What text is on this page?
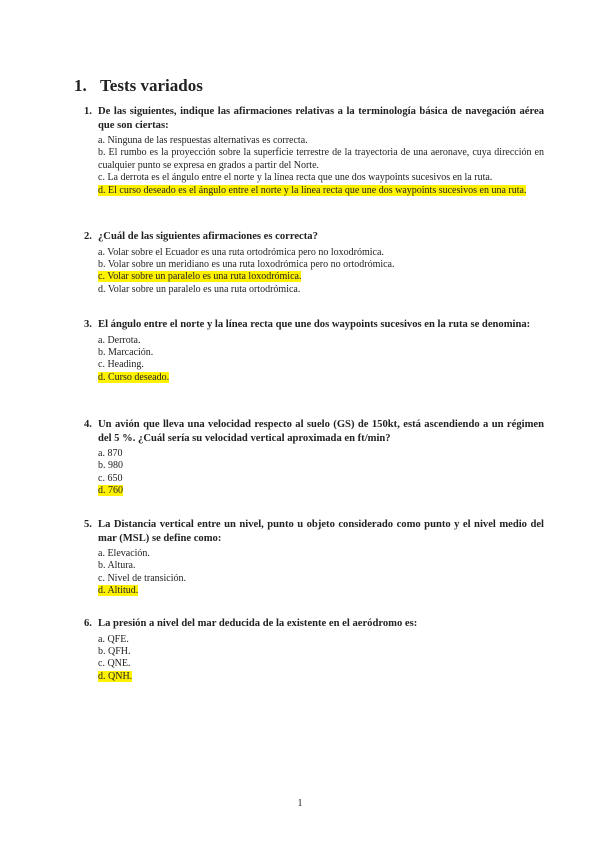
1. Tests variados
1. De las siguientes, indique las afirmaciones relativas a la terminología básica de navegación aérea que son ciertas:

a. Ninguna de las respuestas alternativas es correcta.

b. El rumbo es la proyección sobre la superficie terrestre de la trayectoria de una aeronave, cuya dirección en cualquier punto se expresa en grados a partir del Norte.

c. La derrota es el ángulo entre el norte y la línea recta que une dos waypoints sucesivos en la ruta.

d. El curso deseado es el ángulo entre el norte y la línea recta que une dos waypoints sucesivos en una ruta.

2. ¿Cuál de las siguientes afirmaciones es correcta?

a. Volar sobre el Ecuador es una ruta ortodrómica pero no loxodrómica.

b. Volar sobre un meridiano es una ruta loxodrómica pero no ortodrómica.

c. Volar sobre un paralelo es una ruta loxodrómica.

d. Volar sobre un paralelo es una ruta ortodrómica.

3. El ángulo entre el norte y la línea recta que une dos waypoints sucesivos en la ruta se denomina:

a. Derrota.

b. Marcación.

c. Heading.

d. Curso deseado.

4. Un avión que lleva una velocidad respecto al suelo (GS) de 150kt, está ascendiendo a un régimen del 5 %. ¿Cuál sería su velocidad vertical aproximada en ft/min?

a. 870

b. 980

c. 650

d. 760

5. La Distancia vertical entre un nivel, punto u objeto considerado como punto y el nivel medio del mar (MSL) se define como:

a. Elevación.

b. Altura.

c. Nivel de transición.

d. Altitud.

6. La presión a nivel del mar deducida de la existente en el aeródromo es:

a. QFE.

b. QFH.

c. QNE.

d. QNH.

1
